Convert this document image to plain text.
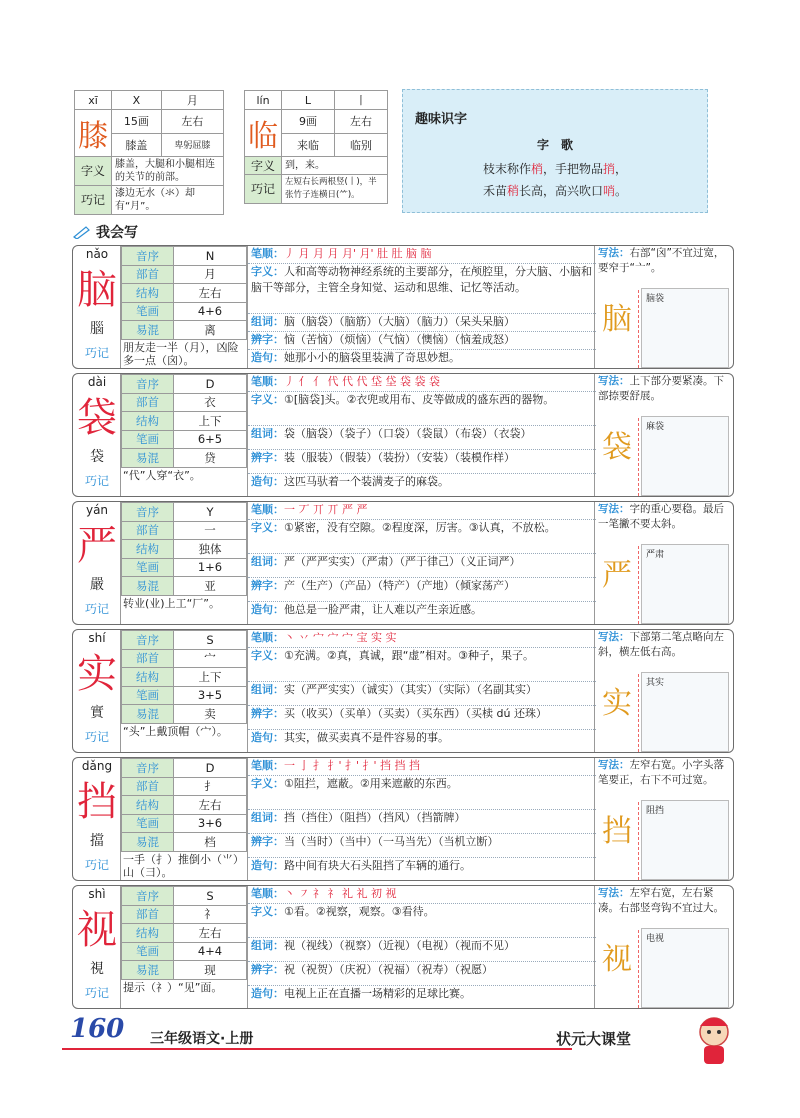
xī	X	月
膝	15画	左右
	膝盖	卑躬屈膝
字义	膝盖，大腿和小腿相连的关节的前部。	
巧记	漆边无水（氺）却有“月”。	
lín	L	丨
临	9画	左右
	来临	临别
字义	到，来。	
巧记	左短右长两根竖(丨)，半张竹子连横日(⺮)。	
趣味识字
字　歌
枝末称作梢，手把物品捎，
禾苗稍长高，高兴吹口哨。
我会写
nǎo
脑
腦
巧记
音序	N
部首	月
结构	左右
笔画	4+6
易混	离
朋友走一半（月），凶险多一点（囟）。
笔顺：丿 月 月 月 月' 月' 肚 肚 脑 脑
字义：人和高等动物神经系统的主要部分，在颅腔里，分大脑、小脑和脑干等部分，主管全身知觉、运动和思维、记忆等活动。
组词：脑（脑袋）（脑筋）（大脑）（脑力）（呆头呆脑）
辨字：恼（苦恼）（烦恼）（气恼）（懊恼）（恼羞成怒）
造句：她那小小的脑袋里装满了奇思妙想。
写法：右部“囟”不宜过宽，要窄于“亠”。
脑
脑袋
dài
袋
袋
巧记
音序	D
部首	衣
结构	上下
笔画	6+5
易混	贷
“代”人穿“衣”。
笔顺：丿 亻 亻 代 代 代 垈 垈 袋 袋 袋
字义：①[脑袋]头。②衣兜或用布、皮等做成的盛东西的器物。
组词：袋（脑袋）（袋子）（口袋）（袋鼠）（布袋）（衣袋）
辨字：装（服装）（假装）（装扮）（安装）（装模作样）
造句：这匹马驮着一个装满麦子的麻袋。
写法：上下部分要紧凑。下部捺要舒展。
袋
麻袋
yán
严
嚴
巧记
音序	Y
部首	一
结构	独体
笔画	1+6
易混	亚
转业(业)上工“厂”。
笔顺：一 丆 丌 丌 严 严
字义：①紧密，没有空隙。②程度深，厉害。③认真，不放松。
组词：严（严严实实）（严肃）（严于律己）（义正词严）
辨字：产（生产）（产品）（特产）（产地）（倾家荡产）
造句：他总是一脸严肃，让人难以产生亲近感。
写法：字的重心要稳。最后一笔撇不要太斜。
严
严肃
shí
实
實
巧记
音序	S
部首	宀
结构	上下
笔画	3+5
易混	卖
“头”上戴顶帽（宀）。
笔顺：丶 丷 宀 宀 宀 宝 实 实
字义：①充满。②真，真诚，跟“虚”相对。③种子，果子。
组词：实（严严实实）（诚实）（其实）（实际）（名副其实）
辨字：买（收买）（买单）（买卖）（买东西）（买椟 dú 还珠）
造句：其实，做买卖真不是件容易的事。
写法：下部第二笔点略向左斜，横左低右高。
实
其实
dǎng
挡
擋
巧记
音序	D
部首	扌
结构	左右
笔画	3+6
易混	档
一手（扌）推倒小（⺌）山（彐）。
笔顺：一 亅 扌 扌' 扌' 扌' 挡 挡 挡
字义：①阻拦，遮蔽。②用来遮蔽的东西。
组词：挡（挡住）（阻挡）（挡风）（挡箭牌）
辨字：当（当时）（当中）（一马当先）（当机立断）
造句：路中间有块大石头阻挡了车辆的通行。
写法：左窄右宽。小字头落笔要正，右下不可过宽。
挡
阻挡
shì
视
視
巧记
音序	S
部首	礻
结构	左右
笔画	4+4
易混	现
提示（礻）“见”面。
笔顺：丶 ㇇ 礻 礻 礼 礼 初 视
字义：①看。②视察，观察。③看待。
组词：视（视线）（视察）（近视）（电视）（视而不见）
辨字：祝（祝贺）（庆祝）（祝福）（祝寿）（祝愿）
造句：电视上正在直播一场精彩的足球比赛。
写法：左窄右宽，左右紧凑。右部竖弯钩不宜过大。
视
电视
160 三年级语文·上册	状元大课堂
